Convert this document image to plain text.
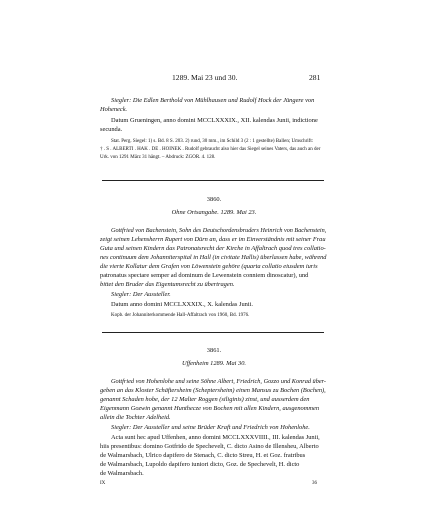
1289. Mai 23 und 30.	281
Siegler: Die Edlen Berthold von Mühlhausen und Rudolf Hock der Jüngere von
Hoheneck.
Datum Grueningen, anno domini MCCLXXXIX., XII. kalendas Junii, indictione
secunda.
Stat. Perg. Siegel: 1) s. Bd. 8 S. 203. 2) rund, 30 mm., im Schild 3 (2 : 1 gestellte) Ballen; Umschrift:
† . S . ALBERTI . HAK . DE . HOINEK . Rudolf gebraucht also hier das Siegel seines Vaters, das auch an der
Urk. von 1291 März 31 hängt. – Abdruck: ZGOR. 4. 128.
3860.
Ohne Ortsangabe. 1289. Mai 23.
Gottfried von Bachenstein, Sohn des Deutschordensbruders Heinrich von Bachenstein,
zeigt seinen Lehensherrn Rupert von Dürn an, dass er im Einverständnis mit seiner Frau
Guta und seinen Kindern das Patronatsrecht der Kirche in Affaltrach quod tres collatio-
nes continuum dem Johanniterspital in Hall (in civitate Hallis) überlassen habe, während
die vierte Kollatur dem Grafen von Löwenstein gehöre (quarta collatio eiusdem iuris
patronatus spectare semper ad dominum de Lewenstein conniem dinoscatur), und
bittet den Bruder das Eigentumsrecht zu übertragen.
Siegler: Der Aussteller.
Datum anno domini MCCLXXXIX., X. kalendas Junii.
Kopb. der Johanniterkommende Hall-Affaltrach von 1960, Bd. 1976.
3861.
Uffenheim 1289. Mai 30.
Gottfried von Hohenlohe und seine Söhne Albert, Friedrich, Gozzo und Konrad über-
geben an das Kloster Schäftersheim (Scheptersheim) einen Mansus zu Bochen (Bochen),
genannt Schaden hobe, der 12 Malter Roggen (siliginis) zinst, und ausserdem den
Eigenmann Gozwin genannt Hunthecze von Bochen mit allen Kindern, ausgenommen
allein die Tochter Adelheid.
Siegler: Der Aussteller und seine Brüder Kraft und Friedrich von Hohenlohe.
Acta sunt hec apud Uffenhen, anno domini MCCLXXXVIIII., III. kalendas Junii,
hiis presentibus: domino Gotfrido de Spechevelt, C. dicto Asino de Illensheu, Alberto
de Walmarsbach, Ulrico dapifero de Stenach, C. dicto Streu, H. et Goz. fratribus
de Walmarsbach, Lupoldo dapifero iuniori dicto, Goz. de Spechevelt, H. dicto
de Walmarsbach.
IX	36
